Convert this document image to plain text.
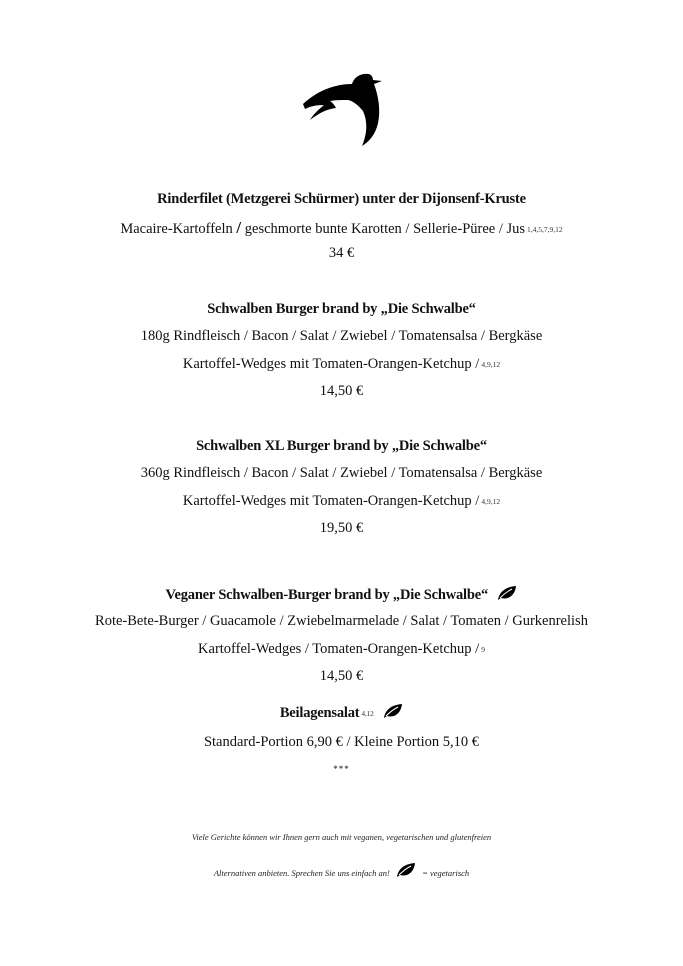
Rinderfilet (Metzgerei Schürmer) unter der Dijonsenf-Kruste
Macaire-Kartoffeln / geschmorte bunte Karotten / Sellerie-Püree / Jus 1,4,5,7,9,12
34 €
Schwalben Burger brand by „Die Schwalbe“
180g Rindfleisch / Bacon / Salat / Zwiebel / Tomatensalsa / Bergkäse
Kartoffel-Wedges mit Tomaten-Orangen-Ketchup / 4,9,12
14,50 €
Schwalben XL Burger brand by „Die Schwalbe“
360g Rindfleisch / Bacon / Salat / Zwiebel / Tomatensalsa / Bergkäse
Kartoffel-Wedges mit Tomaten-Orangen-Ketchup / 4,9,12
19,50 €
Veganer Schwalben-Burger brand by „Die Schwalbe“
Rote-Bete-Burger / Guacamole / Zwiebelmarmelade / Salat / Tomaten / Gurkenrelish
Kartoffel-Wedges / Tomaten-Orangen-Ketchup / 9
14,50 €
Beilagensalat 4,12
Standard-Portion 6,90 € / Kleine Portion 5,10 €
***
Viele Gerichte können wir Ihnen gern auch mit veganen, vegetarischen und glutenfreien
Alternativen anbieten. Sprechen Sie uns einfach an!	= vegetarisch
